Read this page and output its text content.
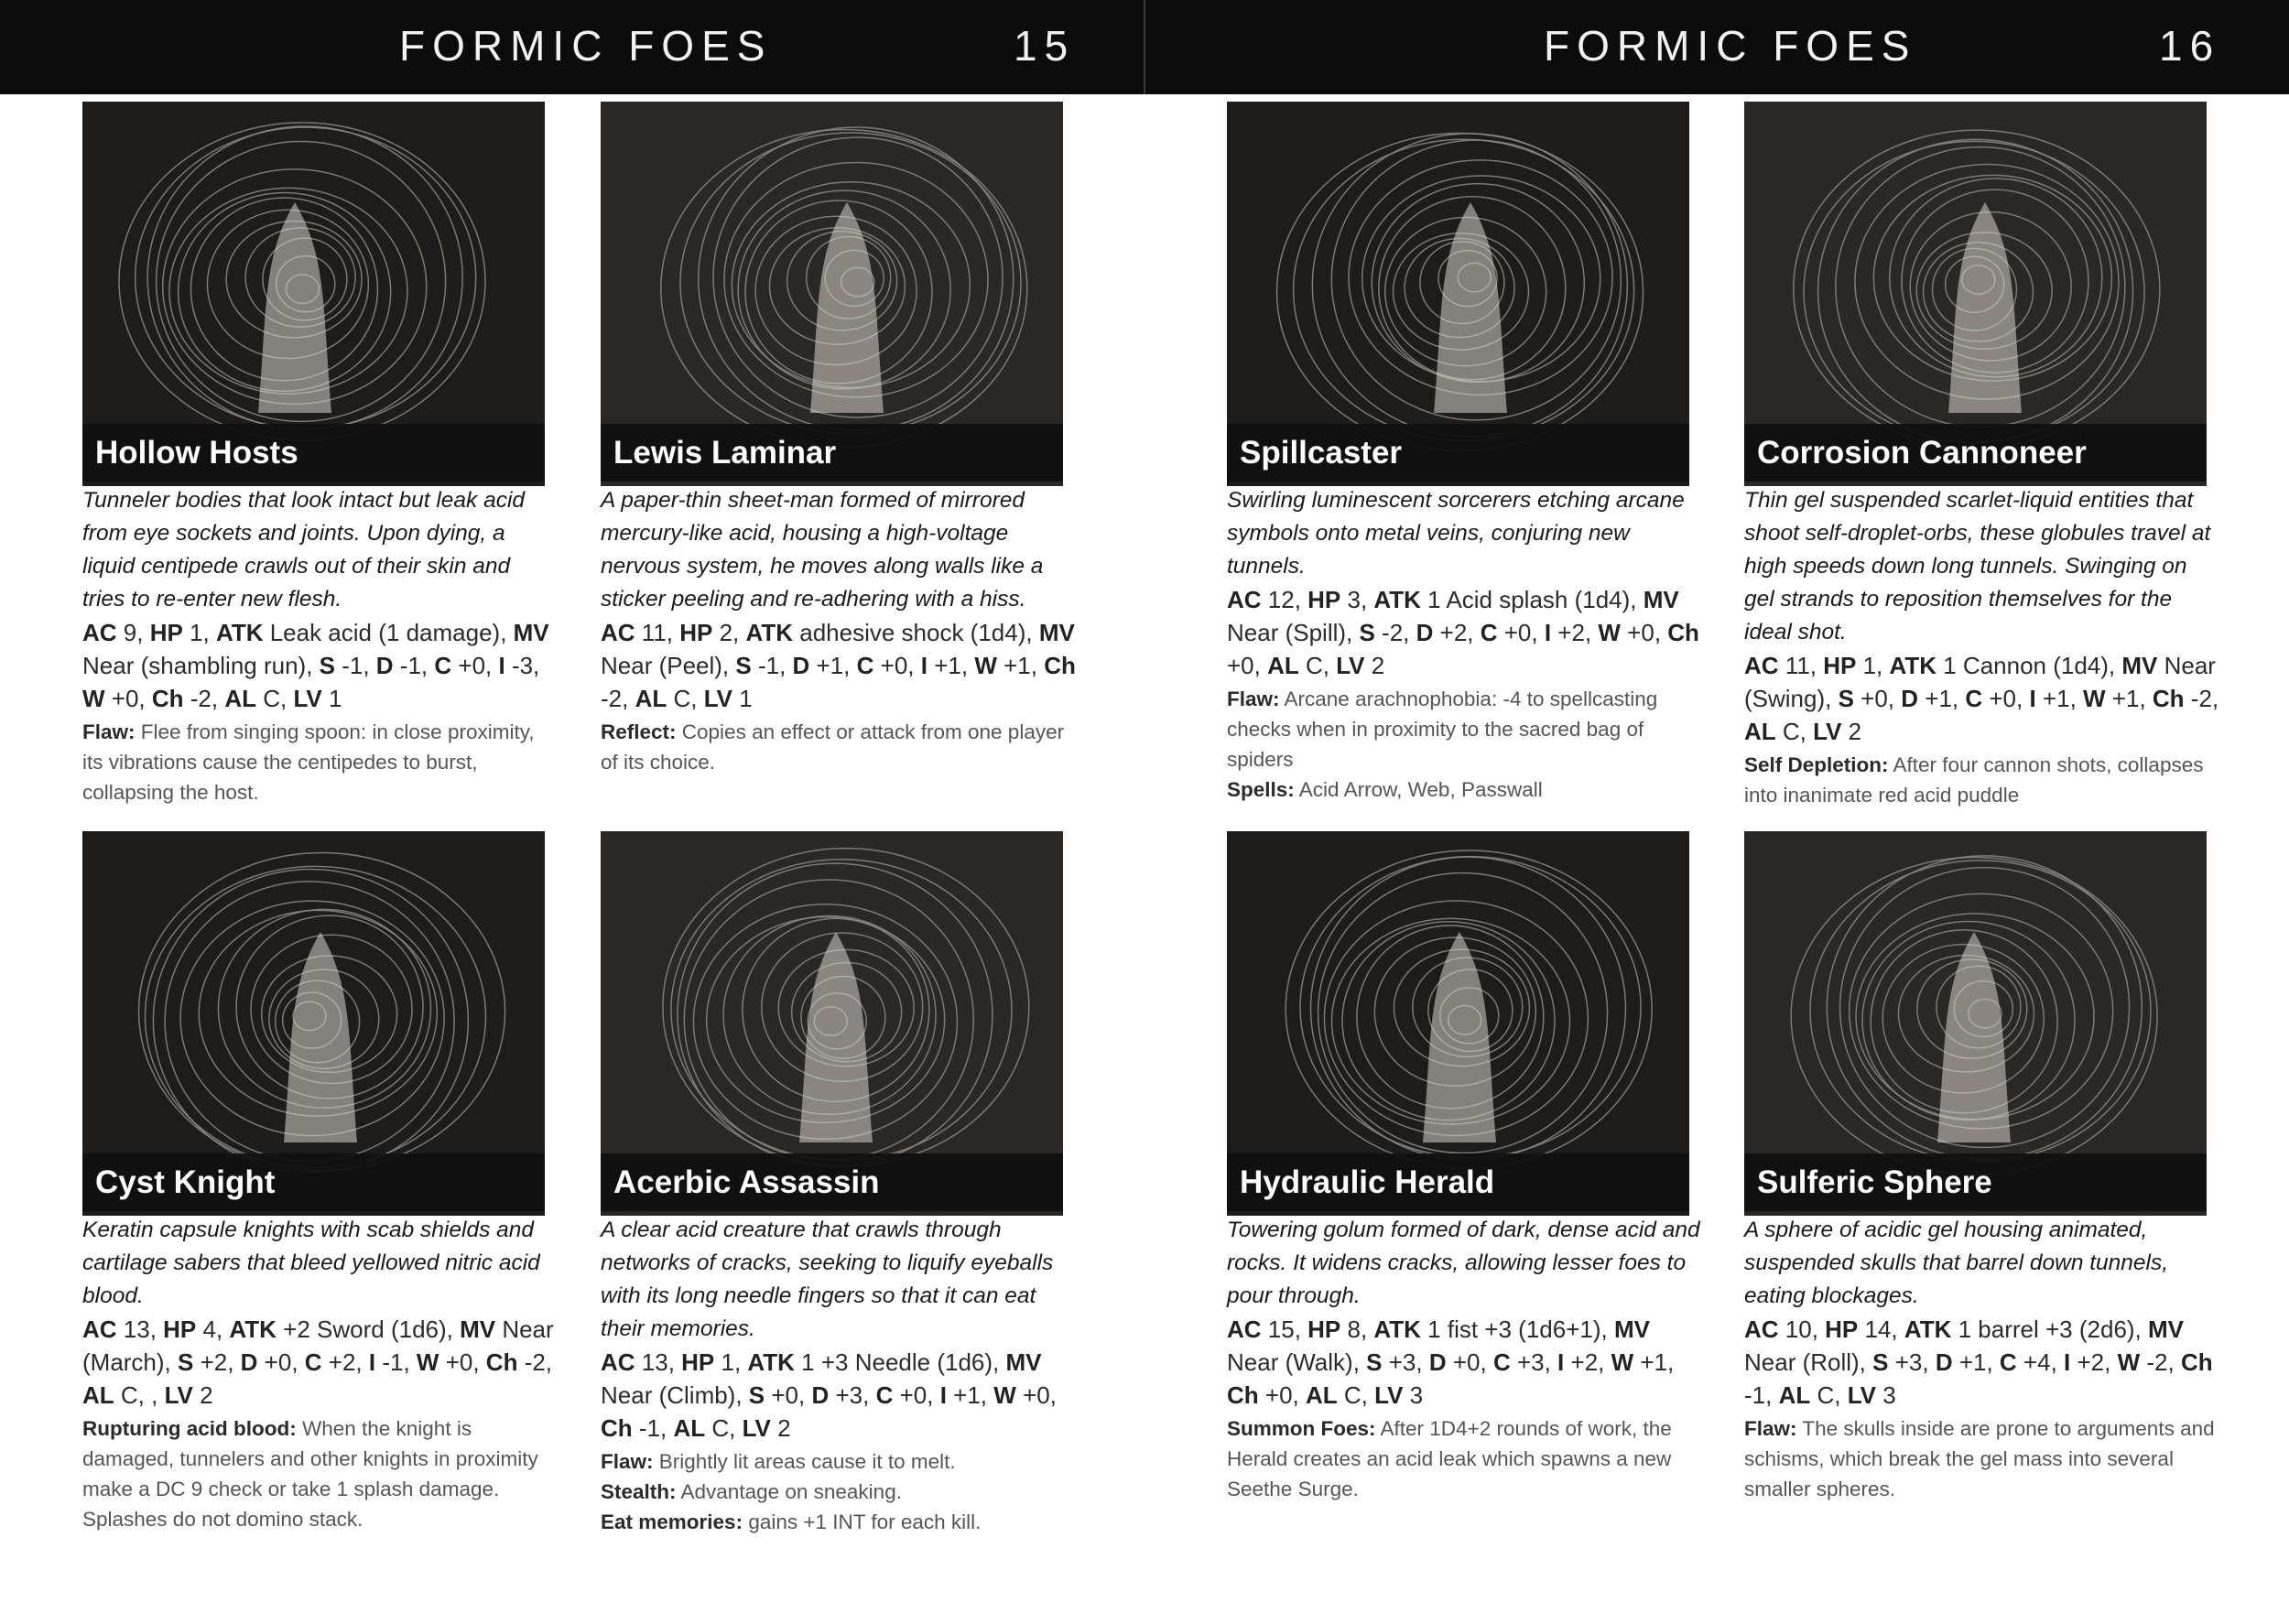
FORMIC FOES	15	FORMIC FOES	16
Hollow Hosts
Tunneler bodies that look intact but leak acid from eye sockets and joints. Upon dying, a liquid centipede crawls out of their skin and tries to re-enter new flesh.
AC 9, HP 1, ATK Leak acid (1 damage), MV Near (shambling run), S -1, D -1, C +0, I -3, W +0, Ch -2, AL C, LV 1
Flaw: Flee from singing spoon: in close proximity, its vibrations cause the centipedes to burst, collapsing the host.
Lewis Laminar
A paper-thin sheet-man formed of mirrored mercury-like acid, housing a high-voltage nervous system, he moves along walls like a sticker peeling and re-adhering with a hiss.
AC 11, HP 2, ATK adhesive shock (1d4), MV Near (Peel), S -1, D +1, C +0, I +1, W +1, Ch -2, AL C, LV 1
Reflect: Copies an effect or attack from one player of its choice.
Spillcaster
Swirling luminescent sorcerers etching arcane symbols onto metal veins, conjuring new tunnels.
AC 12, HP 3, ATK 1 Acid splash (1d4), MV Near (Spill), S -2, D +2, C +0, I +2, W +0, Ch +0, AL C, LV 2
Flaw: Arcane arachnophobia: -4 to spellcasting checks when in proximity to the sacred bag of spiders
Spells: Acid Arrow, Web, Passwall
Corrosion Cannoneer
Thin gel suspended scarlet-liquid entities that shoot self-droplet-orbs, these globules travel at high speeds down long tunnels. Swinging on gel strands to reposition themselves for the ideal shot.
AC 11, HP 1, ATK 1 Cannon (1d4), MV Near (Swing), S +0, D +1, C +0, I +1, W +1, Ch -2, AL C, LV 2
Self Depletion: After four cannon shots, collapses into inanimate red acid puddle
Cyst Knight
Keratin capsule knights with scab shields and cartilage sabers that bleed yellowed nitric acid blood.
AC 13, HP 4, ATK +2 Sword (1d6), MV Near (March), S +2, D +0, C +2, I -1, W +0, Ch -2, AL C, , LV 2
Rupturing acid blood: When the knight is damaged, tunnelers and other knights in proximity make a DC 9 check or take 1 splash damage. Splashes do not domino stack.
Acerbic Assassin
A clear acid creature that crawls through networks of cracks, seeking to liquify eyeballs with its long needle fingers so that it can eat their memories.
AC 13, HP 1, ATK 1 +3 Needle (1d6), MV Near (Climb), S +0, D +3, C +0, I +1, W +0, Ch -1, AL C, LV 2
Flaw: Brightly lit areas cause it to melt.
Stealth: Advantage on sneaking.
Eat memories: gains +1 INT for each kill.
Hydraulic Herald
Towering golum formed of dark, dense acid and rocks. It widens cracks, allowing lesser foes to pour through.
AC 15, HP 8, ATK 1 fist +3 (1d6+1), MV Near (Walk), S +3, D +0, C +3, I +2, W +1, Ch +0, AL C, LV 3
Summon Foes: After 1D4+2 rounds of work, the Herald creates an acid leak which spawns a new Seethe Surge.
Sulferic Sphere
A sphere of acidic gel housing animated, suspended skulls that barrel down tunnels, eating blockages.
AC 10, HP 14, ATK 1 barrel +3 (2d6), MV Near (Roll), S +3, D +1, C +4, I +2, W -2, Ch -1, AL C, LV 3
Flaw: The skulls inside are prone to arguments and schisms, which break the gel mass into several smaller spheres.
